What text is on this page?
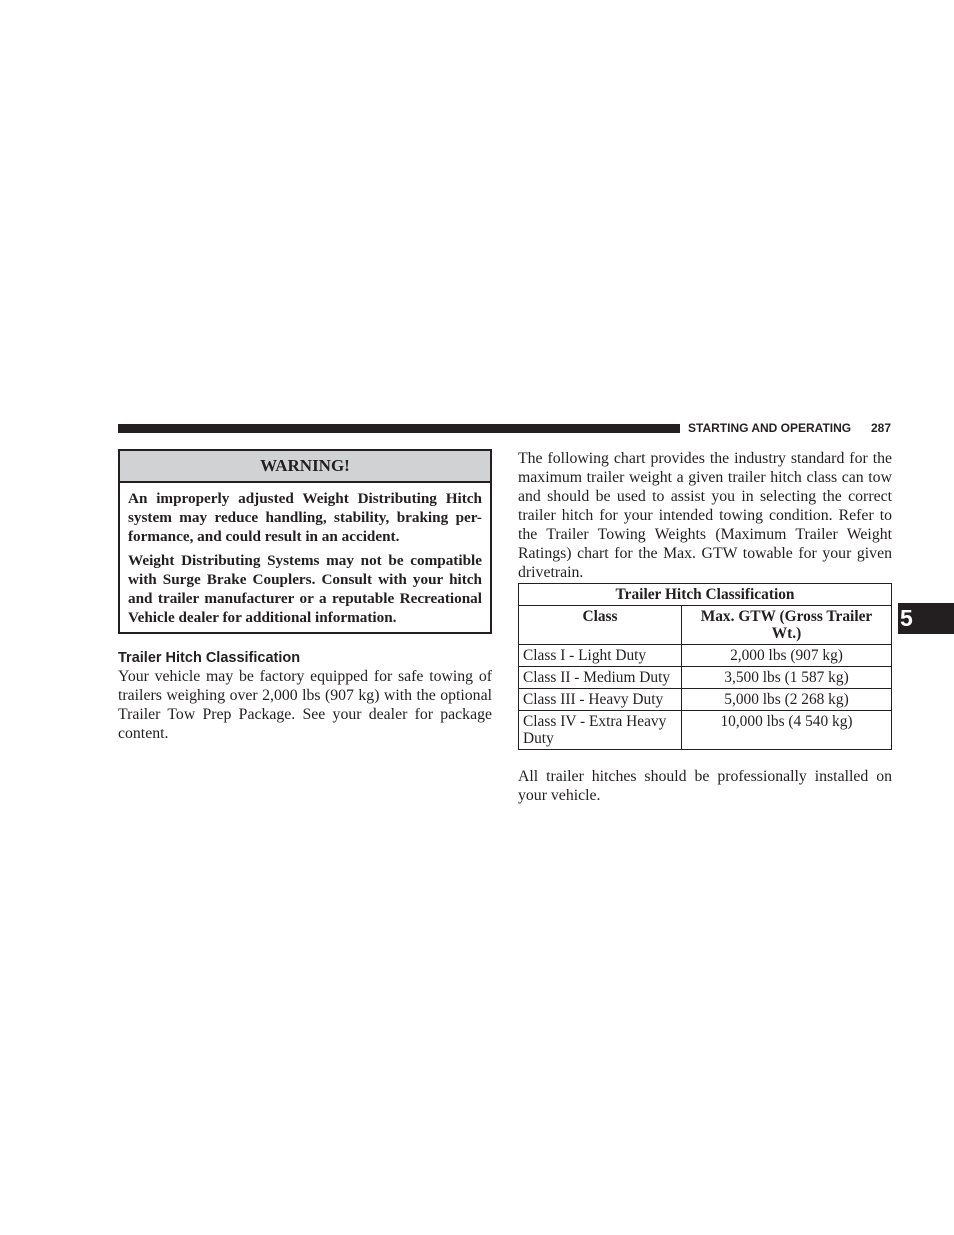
STARTING AND OPERATING 287
5
WARNING!

An improperly adjusted Weight Distributing Hitch system may reduce handling, stability, braking per-formance, and could result in an accident.

Weight Distributing Systems may not be compatible with Surge Brake Couplers. Consult with your hitch and trailer manufacturer or a reputable Recreational Vehicle dealer for additional information.

Trailer Hitch Classification

Your vehicle may be factory equipped for safe towing of trailers weighing over 2,000 lbs (907 kg) with the optional Trailer Tow Prep Package. See your dealer for package content.

The following chart provides the industry standard for the maximum trailer weight a given trailer hitch class can tow and should be used to assist you in selecting the correct trailer hitch for your intended towing condition. Refer to the Trailer Towing Weights (Maximum Trailer Weight Ratings) chart for the Max. GTW towable for your given drivetrain.

Trailer Hitch Classification	
Class	Max. GTW (Gross Trailer Wt.)
Class I - Light Duty	2,000 lbs (907 kg)
Class II - Medium Duty	3,500 lbs (1 587 kg)
Class III - Heavy Duty	5,000 lbs (2 268 kg)
Class IV - Extra Heavy Duty	10,000 lbs (4 540 kg)

All trailer hitches should be professionally installed on your vehicle.
